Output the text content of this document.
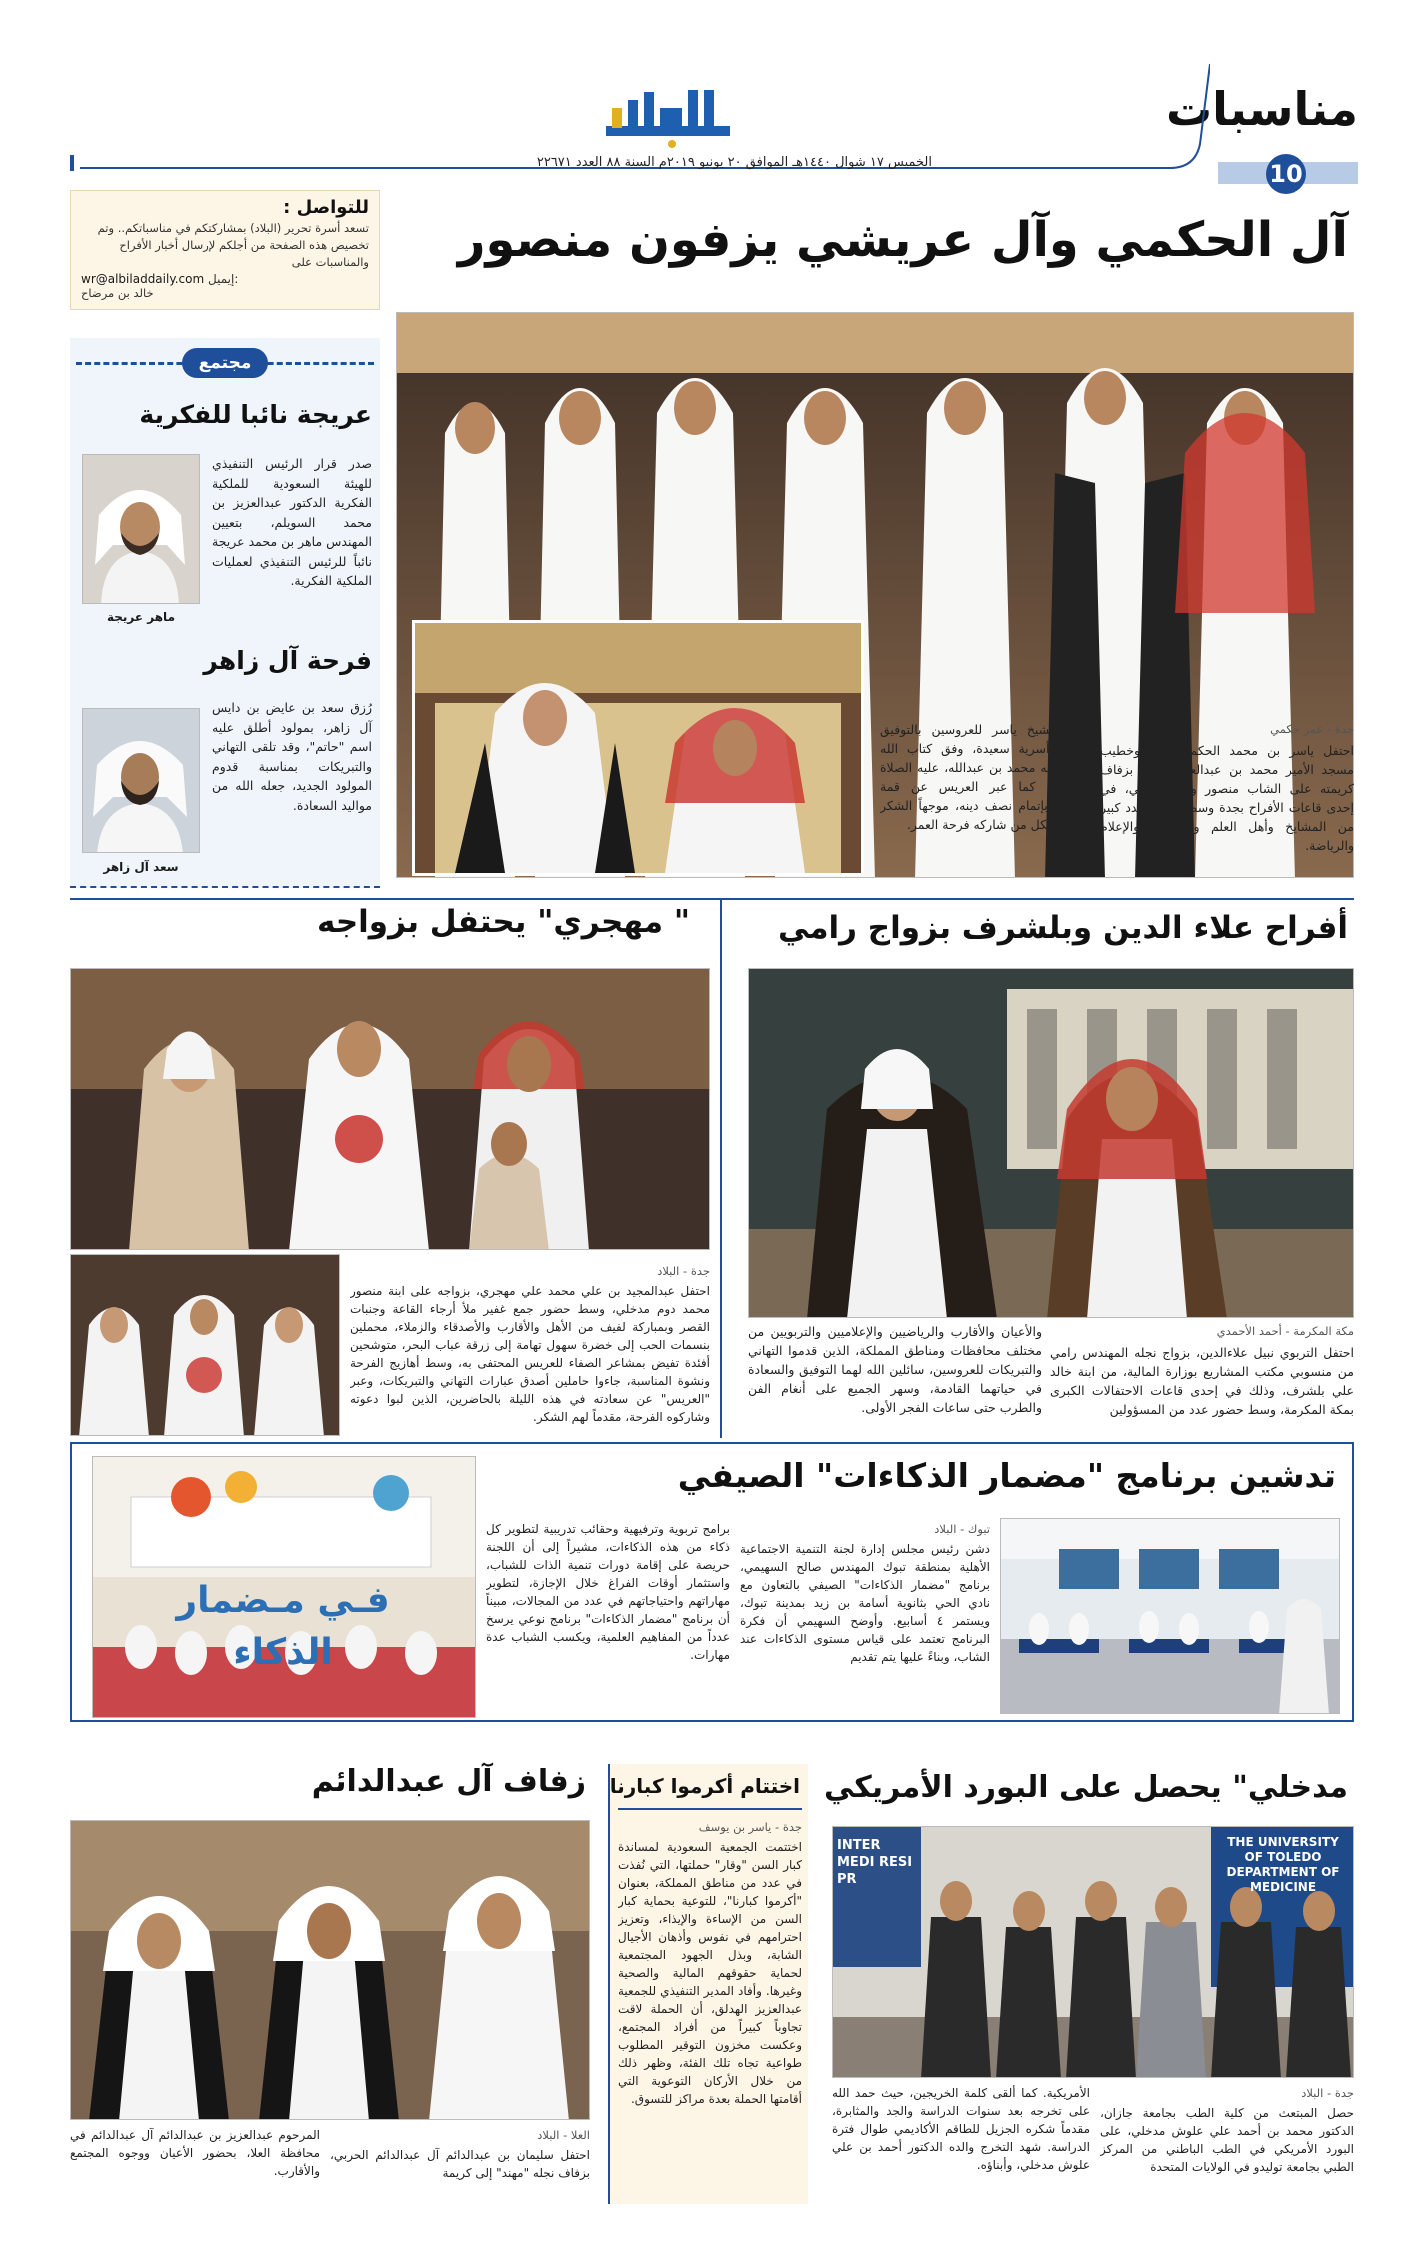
مناسبات
10
الخميس ١٧ شوال ١٤٤٠هـ الموافق ٢٠ يونيو ٢٠١٩م السنة ٨٨ العدد ٢٢٦٧١
للتواصل :
تسعد أسرة تحرير (البلاد) بمشاركتكم في مناسباتكم.. وتم تخصيص هذه الصفحة من أجلكم لإرسال أخبار الأفراح والمناسبات على
wr@albiladdaily.com إيميل:
خالد بن مرضاح
مجتمع
عريجة نائبا للفكرية
صدر قرار الرئيس التنفيذي للهيئة السعودية للملكية الفكرية الدكتور عبدالعزيز بن محمد السويلم، بتعيين المهندس ماهر بن محمد عريجة نائباً للرئيس التنفيذي لعمليات الملكية الفكرية.
ماهر عريجة
فرحة آل زاهر
رُزق سعد بن عايض بن دايس آل زاهر، بمولود أطلق عليه اسم "حاتم"، وقد تلقى التهاني والتبريكات بمناسبة قدوم المولود الجديد، جعله الله من مواليد السعادة.
سعد آل زاهر
آل الحكمي وآل عريشي يزفون منصور
جدة - عمر حكمي
احتفل ياسر بن محمد الحكمي إمام وخطيب مسجد الأمير محمد بن عبدالعزيز بجدة بزفاف كريمته على الشاب منصور ولي عريشي، في إحدى قاعات الأفراح بجدة وسط حضور عدد كبير من المشايخ وأهل العلم والصحافة والإعلام والرياضة.
ودعا الشيخ ياسر للعروسين بالتوفيق وبحياة أسرية سعيدة، وفق كتاب الله وسنة نبيه محمد بن عبدالله، عليه الصلاة والسلام. كما عبر العريس عن قمة سعادته بإتمام نصف دينه، موجهاً الشكر الجزيل لكل من شاركه فرحة العمر.
أفراح علاء الدين وبلشرف بزواج رامي
مكة المكرمة - أحمد الأحمدي
احتفل التربوي نبيل علاءالدين، بزواج نجله المهندس رامي من منسوبي مكتب المشاريع بوزارة المالية، من ابنة خالد علي بلشرف، وذلك في إحدى قاعات الاحتفالات الكبرى بمكة المكرمة، وسط حضور عدد من المسؤولين
والأعيان والأقارب والرياضيين والإعلاميين والتربويين من مختلف محافظات ومناطق المملكة، الذين قدموا التهاني والتبريكات للعروسين، سائلين الله لهما التوفيق والسعادة في حياتهما القادمة، وسهر الجميع على أنغام الفن والطرب حتى ساعات الفجر الأولى.
" مهجري" يحتفل بزواجه
جدة - البلاد
احتفل عبدالمجيد بن علي محمد علي مهجري، بزواجه على ابنة منصور محمد دوم مدخلي، وسط حضور جمع غفير ملأ أرجاء القاعة وجنبات القصر وبمباركة لفيف من الأهل والأقارب والأصدقاء والزملاء، محملين بنسمات الحب إلى خضرة سهول تهامة إلى زرقة عباب البحر، متوشحين أفئدة تفيض بمشاعر الصفاء للعريس المحتفى به، وسط أهازيج الفرحة ونشوة المناسبة، جاءوا حاملين أصدق عبارات التهاني والتبريكات، وعبر "العريس" عن سعادته في هذه الليلة بالحاضرين، الذين لبوا دعوته وشاركوه الفرحة، مقدماً لهم الشكر.
تدشين برنامج "مضمار الذكاءات" الصيفي
تبوك - البلاد
دشن رئيس مجلس إدارة لجنة التنمية الاجتماعية الأهلية بمنطقة تبوك المهندس صالح السهيمي، برنامج "مضمار الذكاءات" الصيفي بالتعاون مع نادي الحي بثانوية أسامة بن زيد بمدينة تبوك، ويستمر ٤ أسابيع. وأوضح السهيمي أن فكرة البرنامج تعتمد على قياس مستوى الذكاءات عند الشاب، وبناءً عليها يتم تقديم
برامج تربوية وترفيهية وحقائب تدريبية لتطوير كل ذكاء من هذه الذكاءات، مشيراً إلى أن اللجنة حريصة على إقامة دورات تنمية الذات للشباب، واستثمار أوقات الفراغ خلال الإجازة، لتطوير مهاراتهم واحتياجاتهم في عدد من المجالات، مبيناً أن برنامج "مضمار الذكاءات" برنامج نوعي يرسخ عدداً من المفاهيم العلمية، ويكسب الشباب عدة مهارات.
فـي مـضمار الذكاء
مدخلي" يحصل على البورد الأمريكي
THE UNIVERSITY OF TOLEDO DEPARTMENT OF MEDICINE
INTER MEDI RESI PR
جدة - البلاد
حصل المبتعث من كلية الطب بجامعة جازان، الدكتور محمد بن أحمد علي علوش مدخلي، على البورد الأمريكي في الطب الباطني من المركز الطبي بجامعة توليدو في الولايات المتحدة
الأمريكية. كما ألقى كلمة الخريجين، حيث حمد الله على تخرجه بعد سنوات الدراسة والجد والمثابرة، مقدماً شكره الجزيل للطاقم الأكاديمي طوال فترة الدراسة. شهد التخرج والده الدكتور أحمد بن علي علوش مدخلي، وأبناؤه.
اختتام أكرموا كبارنا
جدة - ياسر بن يوسف
اختتمت الجمعية السعودية لمساندة كبار السن "وقار" حملتها، التي نُفذت في عدد من مناطق المملكة، بعنوان "أكرموا كبارنا"، للتوعية بحماية كبار السن من الإساءة والإيذاء، وتعزيز احترامهم في نفوس وأذهان الأجيال الشابة، وبذل الجهود المجتمعية لحماية حقوقهم المالية والصحية وغيرها. وأفاد المدير التنفيذي للجمعية عبدالعزيز الهدلق، أن الحملة لاقت تجاوباً كبيراً من أفراد المجتمع، وعكست مخزون التوقير المطلوب طواعية تجاه تلك الفئة، وظهر ذلك من خلال الأركان التوعوية التي أقامتها الحملة بعدة مراكز للتسوق.
زفاف آل عبدالدائم
العلا - البلاد
احتفل سليمان بن عبدالدائم آل عبدالدائم الحربي، بزفاف نجله "مهند" إلى كريمة
المرحوم عبدالعزيز بن عبدالدائم آل عبدالدائم في محافظة العلا، بحضور الأعيان ووجوه المجتمع والأقارب.
